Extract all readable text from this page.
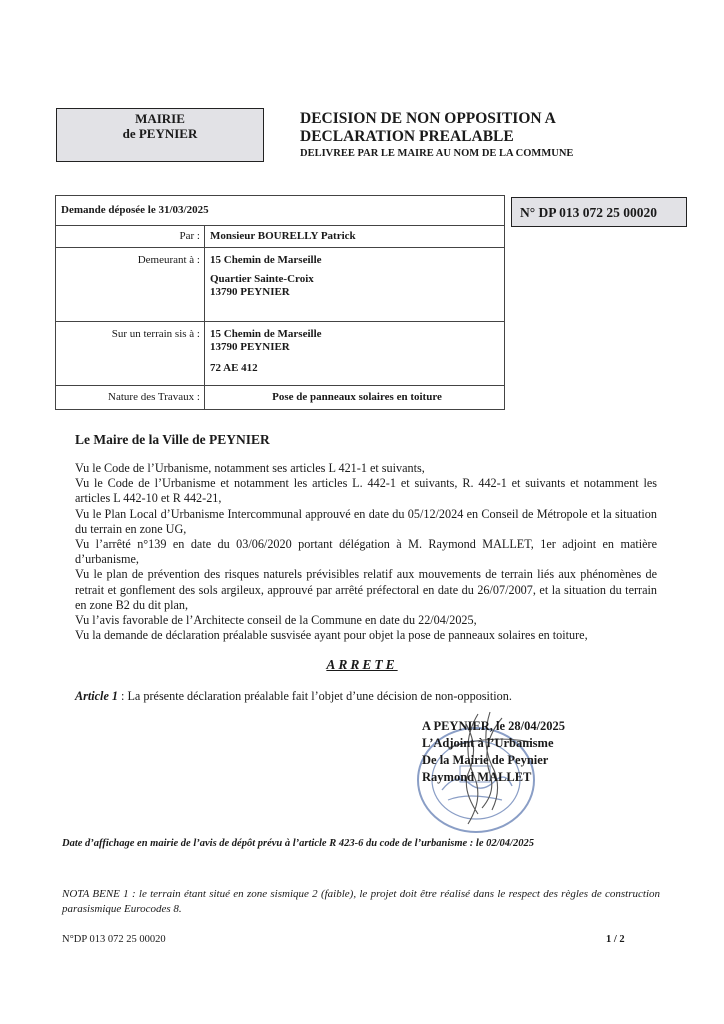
MAIRIE
de PEYNIER
DECISION DE NON OPPOSITION A
DECLARATION PREALABLE
DELIVREE PAR LE MAIRE AU NOM DE LA COMMUNE
Demande déposée le 31/03/2025	
Par :	Monsieur BOURELLY Patrick
Demeurant à :	15 Chemin de Marseille
Quartier Sainte-Croix
13790 PEYNIER

Sur un terrain sis à :	15 Chemin de Marseille
13790 PEYNIER
72 AE 412

Nature des Travaux :	Pose de panneaux solaires en toiture
N° DP 013 072 25 00020
Le Maire de la Ville de PEYNIER

Vu le Code de l’Urbanisme, notamment ses articles L 421-1 et suivants,

Vu le Code de l’Urbanisme et notamment les articles L. 442-1 et suivants, R. 442-1 et suivants et notamment les articles L 442-10 et R 442-21,

Vu le Plan Local d’Urbanisme Intercommunal approuvé en date du 05/12/2024 en Conseil de Métropole et la situation du terrain en zone UG,

Vu l’arrêté n°139 en date du 03/06/2020 portant délégation à M. Raymond MALLET, 1er adjoint en matière d’urbanisme,

Vu le plan de prévention des risques naturels prévisibles relatif aux mouvements de terrain liés aux phénomènes de retrait et gonflement des sols argileux, approuvé par arrêté préfectoral en date du 26/07/2007, et la situation du terrain en zone B2 du dit plan,

Vu l’avis favorable de l’Architecte conseil de la Commune en date du 22/04/2025,

Vu la demande de déclaration préalable susvisée ayant pour objet la pose de panneaux solaires en toiture,

ARRETE
Article 1 : La présente déclaration préalable fait l’objet d’une décision de non-opposition.
A PEYNIER, le 28/04/2025
L’Adjoint à l’Urbanisme
De la Mairie de Peynier
Raymond MALLET
Date d’affichage en mairie de l’avis de dépôt prévu à l’article R 423-6 du code de l’urbanisme : le 02/04/2025
NOTA BENE 1 : le terrain étant situé en zone sismique 2 (faible), le projet doit être réalisé dans le respect des règles de construction parasismique Eurocodes 8.
N°DP 013 072 25 00020	1 / 2
